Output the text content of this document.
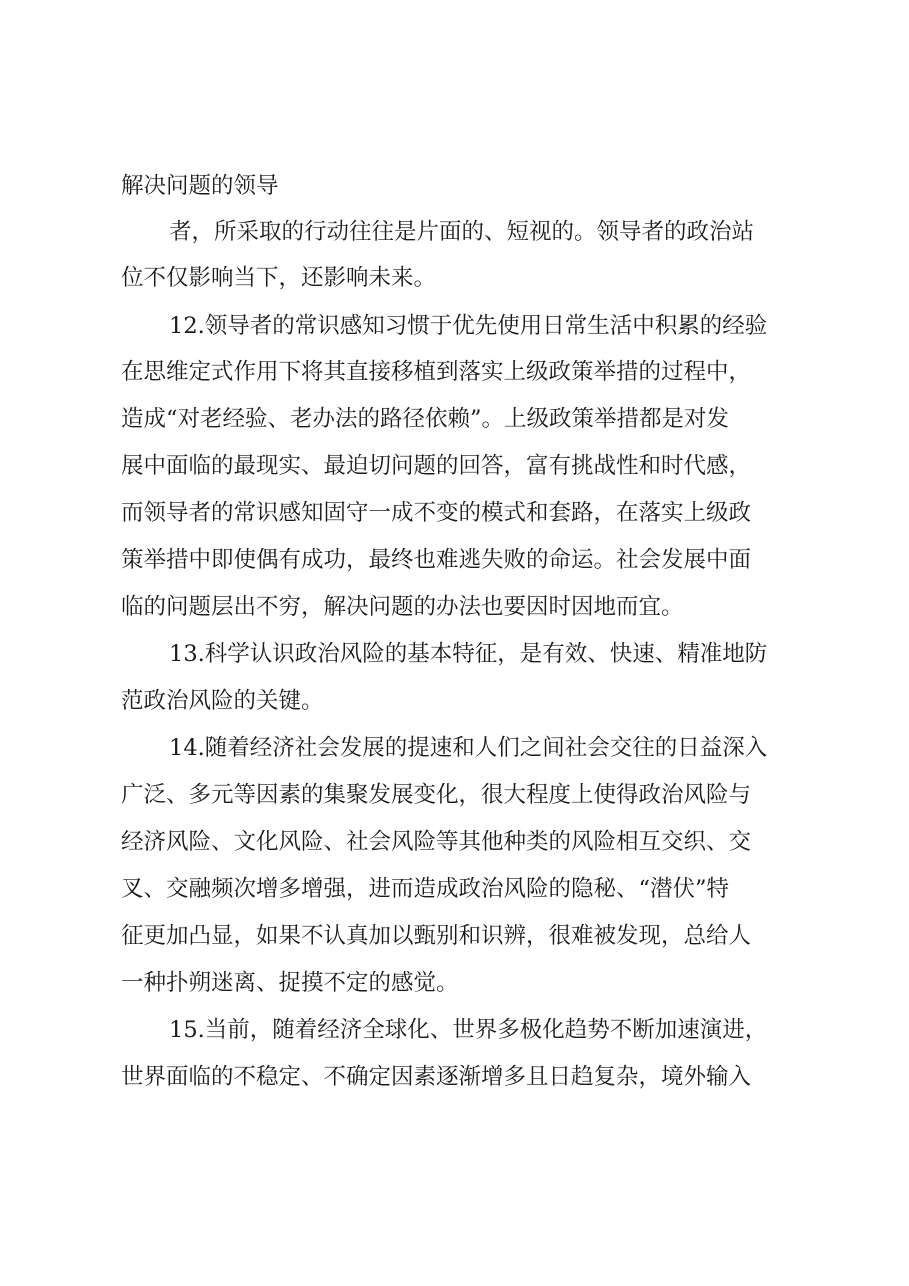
解决问题的领导
者，所采取的行动往往是片面的、短视的。领导者的政治站
位不仅影响当下，还影响未来。
12.领导者的常识感知习惯于优先使用日常生活中积累的经验
在思维定式作用下将其直接移植到落实上级政策举措的过程中，
造成“对老经验、老办法的路径依赖”。上级政策举措都是对发
展中面临的最现实、最迫切问题的回答，富有挑战性和时代感，
而领导者的常识感知固守一成不变的模式和套路，在落实上级政
策举措中即使偶有成功，最终也难逃失败的命运。社会发展中面
临的问题层出不穷，解决问题的办法也要因时因地而宜。
13.科学认识政治风险的基本特征，是有效、快速、精准地防
范政治风险的关键。
14.随着经济社会发展的提速和人们之间社会交往的日益深入
广泛、多元等因素的集聚发展变化，很大程度上使得政治风险与
经济风险、文化风险、社会风险等其他种类的风险相互交织、交
叉、交融频次增多增强，进而造成政治风险的隐秘、“潜伏”特
征更加凸显，如果不认真加以甄别和识辨，很难被发现，总给人
一种扑朔迷离、捉摸不定的感觉。
15.当前，随着经济全球化、世界多极化趋势不断加速演进，
世界面临的不稳定、不确定因素逐渐增多且日趋复杂，境外输入
